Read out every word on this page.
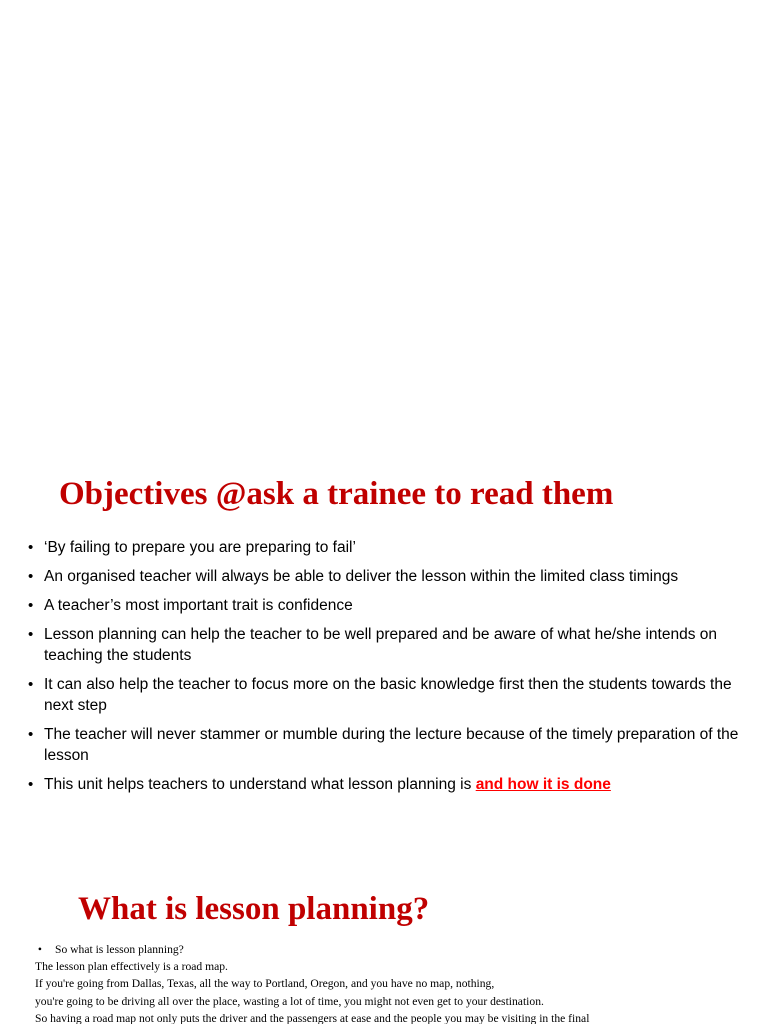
Objectives @ask a trainee to read them
• ‘By failing to prepare you are preparing to fail’
• An organised teacher will always be able to deliver the lesson within the limited class timings
• A teacher’s most important trait is confidence
• Lesson planning can help the teacher to be well prepared and be aware of what he/she intends on teaching the students
• It can also help the teacher to focus more on the basic knowledge first then the students towards the next step
• The teacher will never stammer or mumble during the lecture because of the timely preparation of the lesson
• This unit helps teachers to understand what lesson planning is and how it is done
What is lesson planning?

• So what is lesson planning?

The lesson plan effectively is a road map.

If you're going from Dallas, Texas, all the way to Portland, Oregon, and you have no map, nothing,

you're going to be driving all over the place, wasting a lot of time, you might not even get to your destination.

So having a road map not only puts the driver and the passengers at ease and the people you may be visiting in the final
